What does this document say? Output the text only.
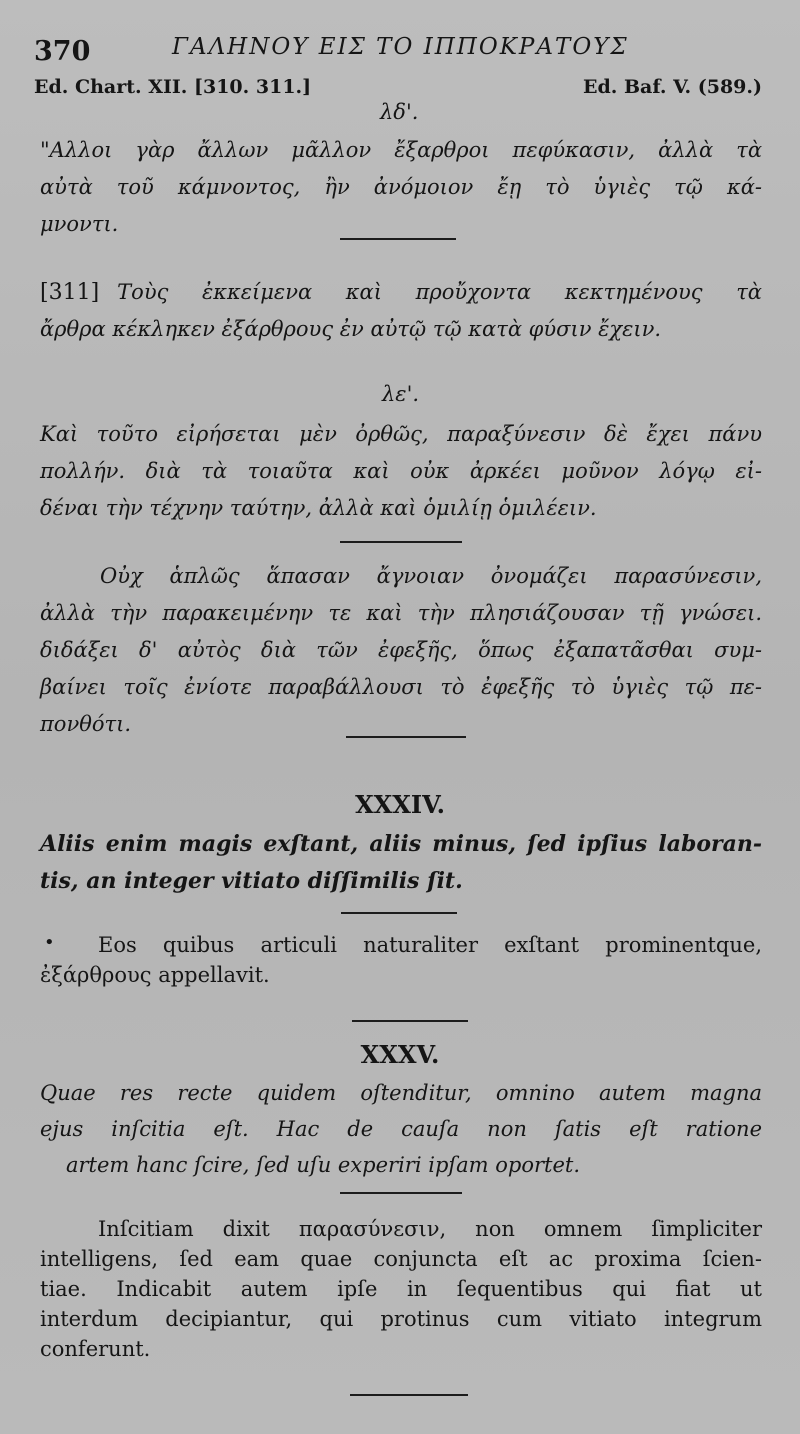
370	ΓΑΛΗΝΟΥ ΕΙΣ ΤΟ ΙΠΠΟΚΡΑΤΟΥΣ
Ed. Chart. XII. [310. 311.]	Ed. Baf. V. (589.)
λδ'.
"Αλλοι γὰρ ἄλλων μᾶλλον ἔξαρθροι πεφύκασιν, ἀλλὰ τὰ
αὐτὰ τοῦ κάμνοντος, ἢν ἀνόμοιον ἔῃ τὸ ὑγιὲς τῷ κά-
μνοντι.
[311] Τοὺς ἐκκείμενα καὶ προὔχοντα κεκτημένους τὰ
ἄρθρα κέκληκεν ἐξάρθρους ἐν αὐτῷ τῷ κατὰ φύσιν ἔχειν.
λε'.
Καὶ τοῦτο εἰρήσεται μὲν ὀρθῶς, παραξύνεσιν δὲ ἔχει πάνυ
πολλήν. διὰ τὰ τοιαῦτα καὶ οὐκ ἀρκέει μοῦνον λόγῳ εἰ-
δέναι τὴν τέχνην ταύτην, ἀλλὰ καὶ ὁμιλίῃ ὁμιλέειν.
Οὐχ ἁπλῶς ἅπασαν ἄγνοιαν ὀνομάζει παρασύνεσιν,
ἀλλὰ τὴν παρακειμένην τε καὶ τὴν πλησιάζουσαν τῇ γνώσει.
διδάξει δ' αὐτὸς διὰ τῶν ἐφεξῆς, ὅπως ἐξαπατᾶσθαι συμ-
βαίνει τοῖς ἐνίοτε παραβάλλουσι τὸ ἐφεξῆς τὸ ὑγιὲς τῷ πε-
πονθότι.
XXXIV.
Aliis enim magis exſtant, aliis minus, ſed ipſius laboran-
tis, an integer vitiato diſſimilis ſit.
•	Eos quibus articuli naturaliter exſtant prominentque,
ἐξάρθρους appellavit.
XXXV.
Quae res recte quidem oſtenditur, omnino autem magna
ejus inſcitia eſt. Hac de cauſa non ſatis eſt ratione
artem hanc ſcire, ſed uſu experiri ipſam oportet.
Inſcitiam dixit παρασύνεσιν, non omnem ſimpliciter
intelligens, ſed eam quae conjuncta eſt ac proxima ſcien-
tiae. Indicabit autem ipſe in ſequentibus qui fiat ut
interdum decipiantur, qui protinus cum vitiato integrum
conferunt.
